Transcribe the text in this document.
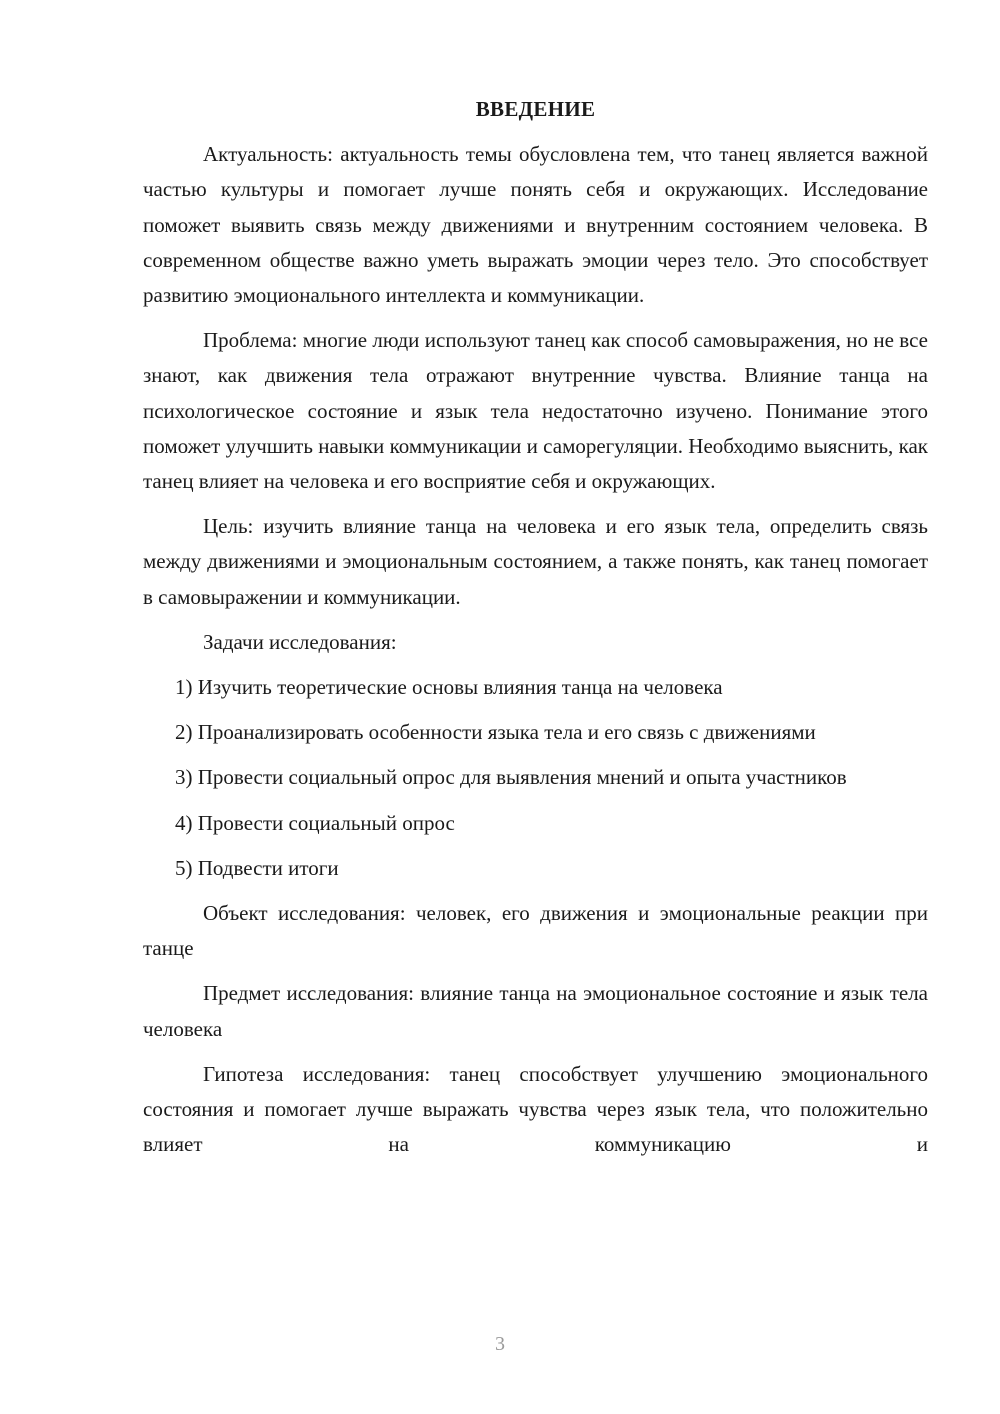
ВВЕДЕНИЕ

Актуальность: актуальность темы обусловлена тем, что танец является важной частью культуры и помогает лучше понять себя и окружающих. Исследование поможет выявить связь между движениями и внутренним состоянием человека. В современном обществе важно уметь выражать эмоции через тело. Это способствует развитию эмоционального интеллекта и коммуникации.

Проблема: многие люди используют танец как способ самовыражения, но не все знают, как движения тела отражают внутренние чувства. Влияние танца на психологическое состояние и язык тела недостаточно изучено. Понимание этого поможет улучшить навыки коммуникации и саморегуляции. Необходимо выяснить, как танец влияет на человека и его восприятие себя и окружающих.

Цель: изучить влияние танца на человека и его язык тела, определить связь между движениями и эмоциональным состоянием, а также понять, как танец помогает в самовыражении и коммуникации.

Задачи исследования:

1) Изучить теоретические основы влияния танца на человека

2) Проанализировать особенности языка тела и его связь с движениями

3) Провести социальный опрос для выявления мнений и опыта участников

4) Провести социальный опрос

5) Подвести итоги

Объект исследования: человек, его движения и эмоциональные реакции при танце

Предмет исследования: влияние танца на эмоциональное состояние и язык тела человека

Гипотеза исследования: танец способствует улучшению эмоционального состояния и помогает лучше выражать чувства через язык тела, что положительно влияет на коммуникацию и

3
